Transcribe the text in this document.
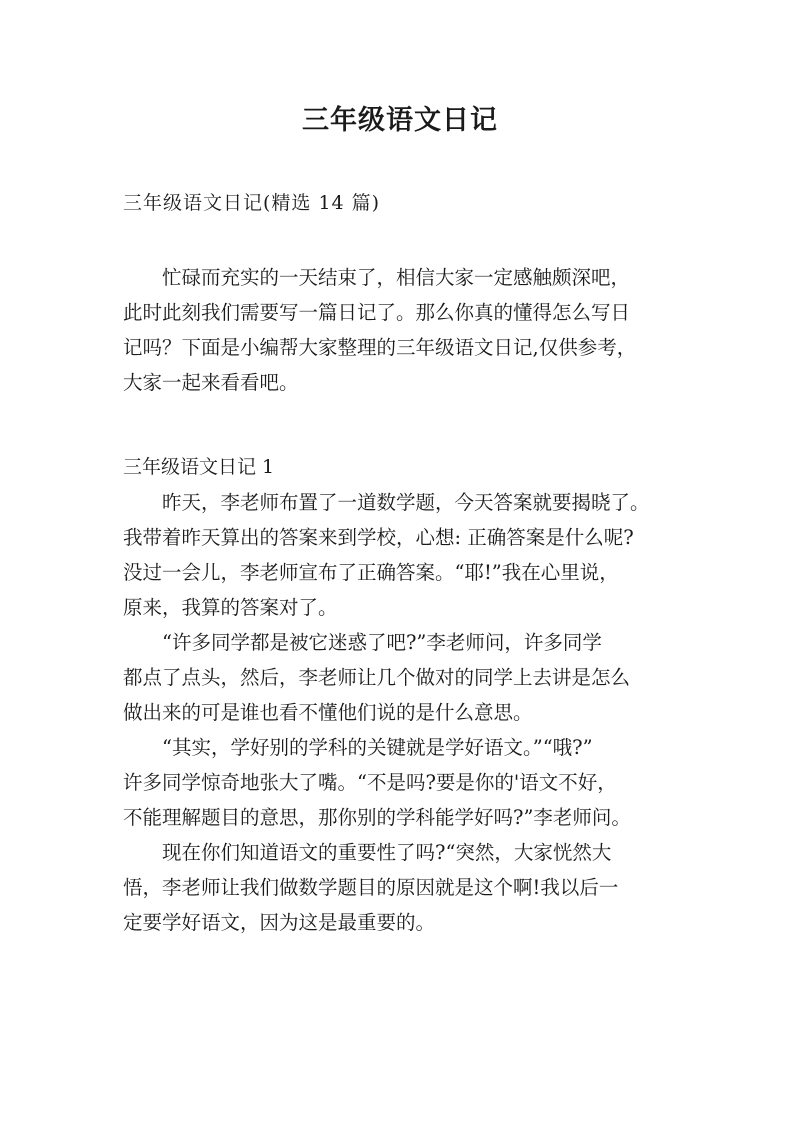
三年级语文日记
三年级语文日记(精选 14 篇)
　　忙碌而充实的一天结束了，相信大家一定感触颇深吧，
此时此刻我们需要写一篇日记了。那么你真的懂得怎么写日
记吗？下面是小编帮大家整理的三年级语文日记,仅供参考，
大家一起来看看吧。
三年级语文日记 1
　　昨天，李老师布置了一道数学题，今天答案就要揭晓了。
我带着昨天算出的答案来到学校，心想: 正确答案是什么呢?
没过一会儿，李老师宣布了正确答案。“耶!”我在心里说，
原来，我算的答案对了。
　　“许多同学都是被它迷惑了吧?”李老师问，许多同学
都点了点头，然后，李老师让几个做对的同学上去讲是怎么
做出来的可是谁也看不懂他们说的是什么意思。
　　“其实，学好别的学科的关键就是学好语文。”“哦?”
许多同学惊奇地张大了嘴。“不是吗?要是你的'语文不好，
不能理解题目的意思，那你别的学科能学好吗?”李老师问。
　　现在你们知道语文的重要性了吗?“突然，大家恍然大
悟，李老师让我们做数学题目的原因就是这个啊!我以后一
定要学好语文，因为这是最重要的。
